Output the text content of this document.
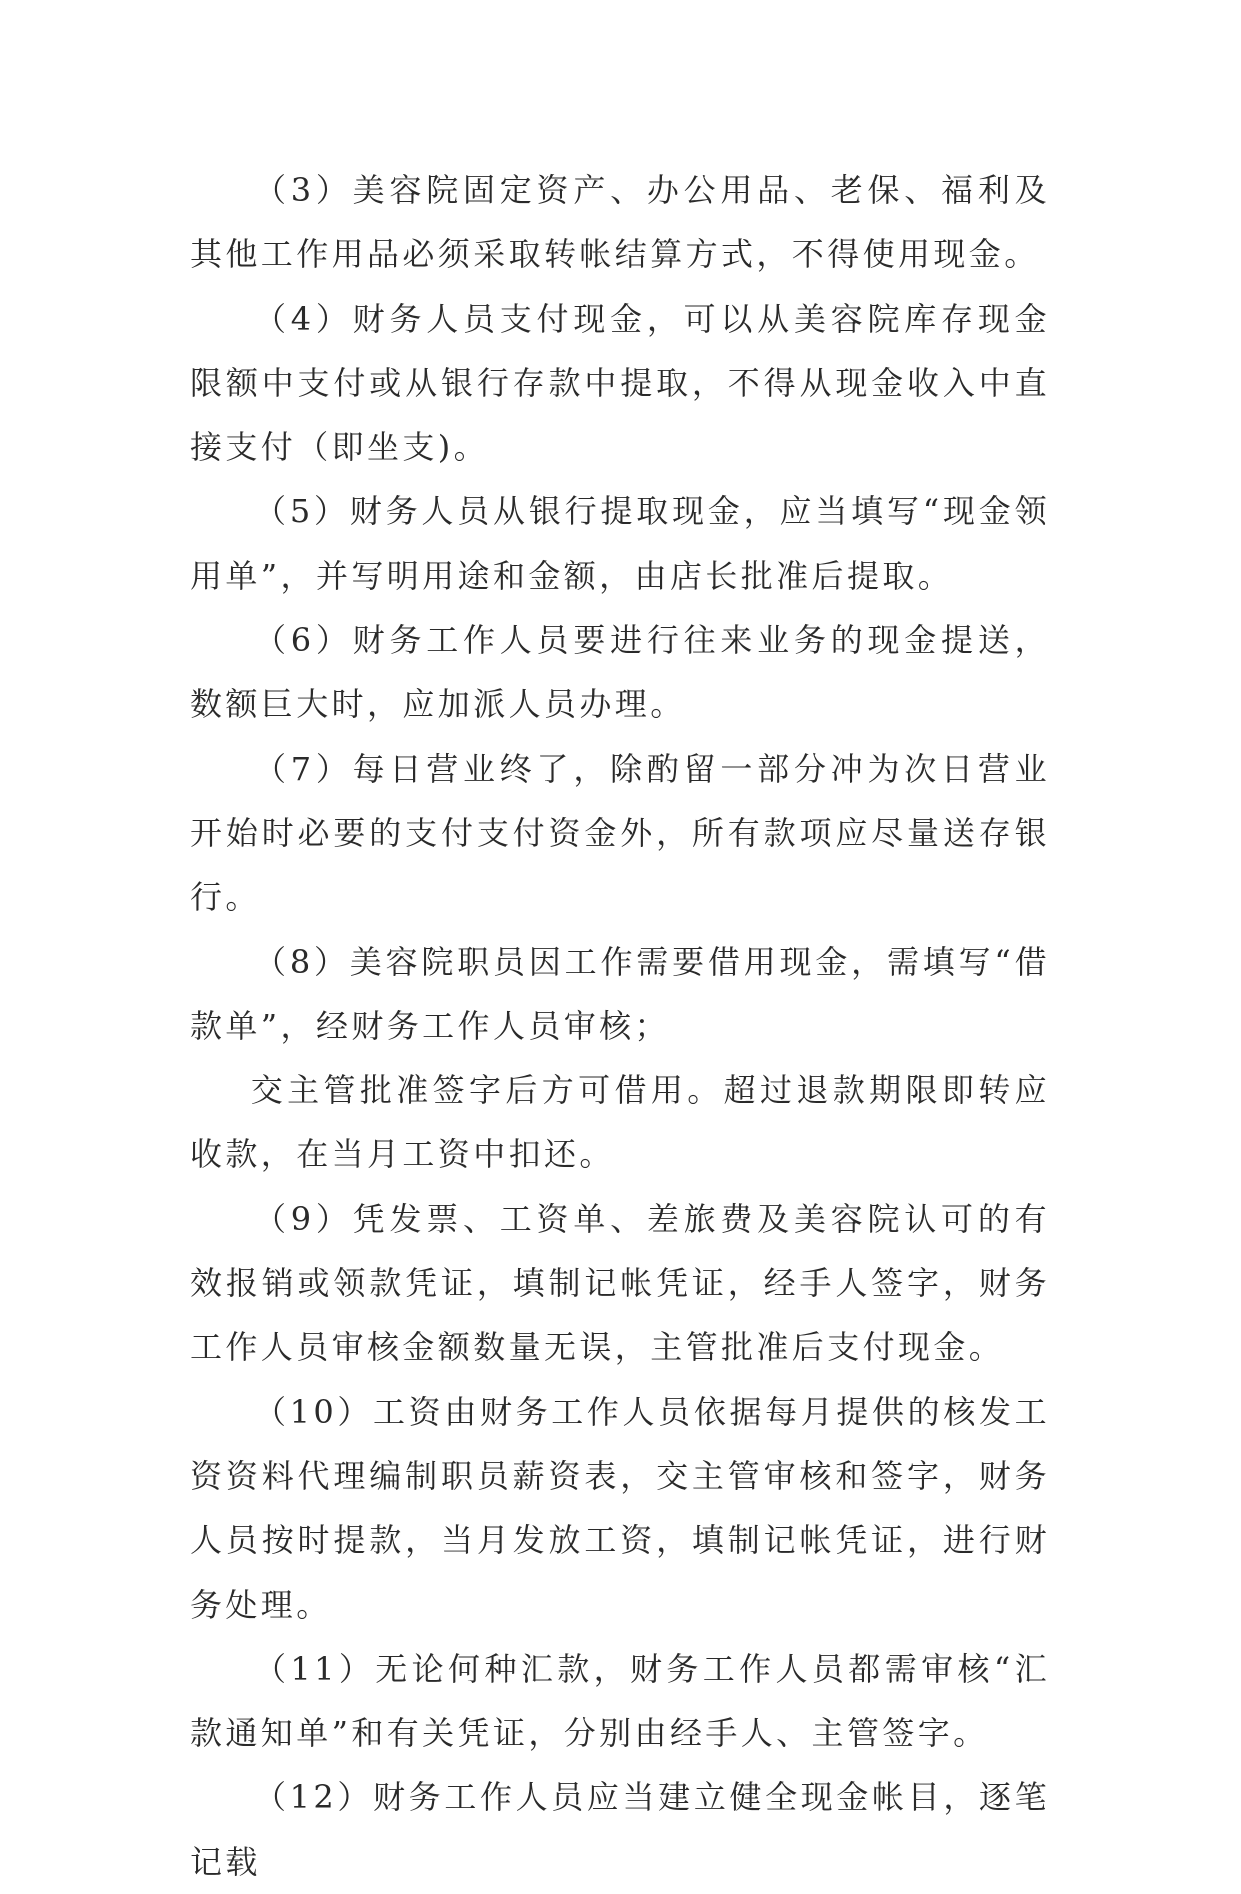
（3）美容院固定资产、办公用品、老保、福利及其他工作用品必须采取转帐结算方式，不得使用现金。

（4）财务人员支付现金，可以从美容院库存现金限额中支付或从银行存款中提取，不得从现金收入中直接支付（即坐支)。

（5）财务人员从银行提取现金，应当填写“现金领用单”，并写明用途和金额，由店长批准后提取。

（6）财务工作人员要进行往来业务的现金提送，数额巨大时，应加派人员办理。

（7）每日营业终了，除酌留一部分冲为次日营业开始时必要的支付支付资金外，所有款项应尽量送存银行。

（8）美容院职员因工作需要借用现金，需填写“借款单”，经财务工作人员审核；

交主管批准签字后方可借用。超过退款期限即转应收款，在当月工资中扣还。

（9）凭发票、工资单、差旅费及美容院认可的有效报销或领款凭证，填制记帐凭证，经手人签字，财务工作人员审核金额数量无误，主管批准后支付现金。

（10）工资由财务工作人员依据每月提供的核发工资资料代理编制职员薪资表，交主管审核和签字，财务人员按时提款，当月发放工资，填制记帐凭证，进行财务处理。

（11）无论何种汇款，财务工作人员都需审核“汇款通知单”和有关凭证，分别由经手人、主管签字。

（12）财务工作人员应当建立健全现金帐目，逐笔记载
